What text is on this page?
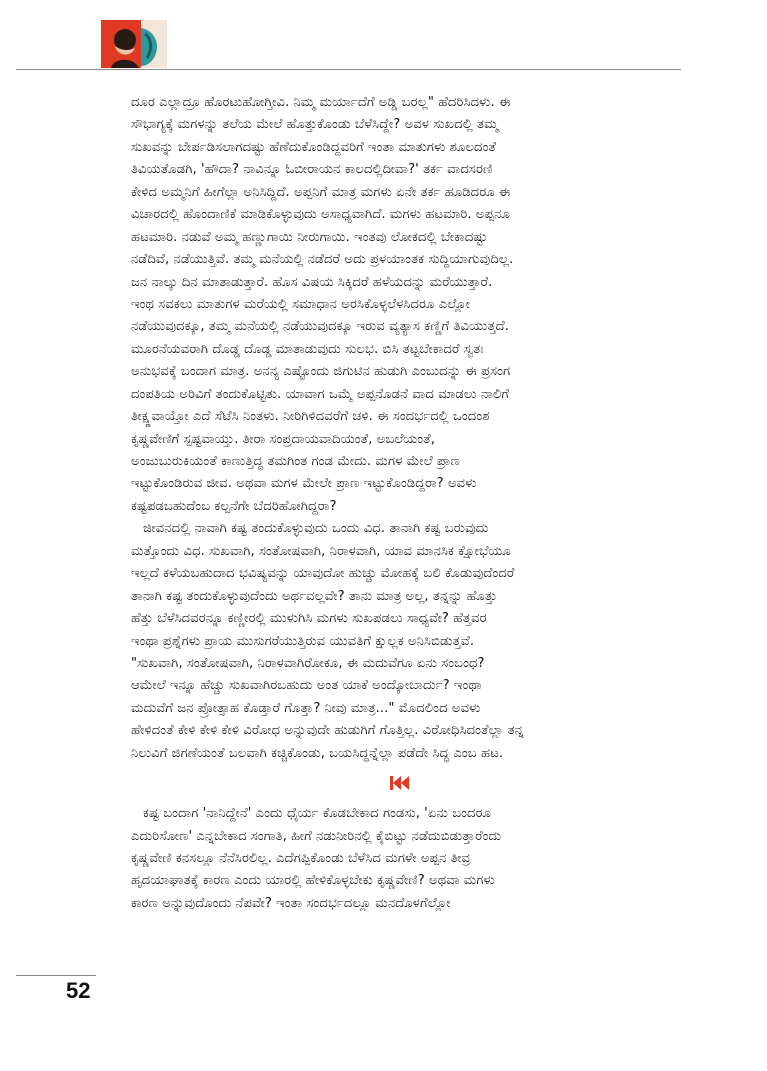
ದೂರ ಎಲ್ಲಾದ್ರೂ ಹೊರಟುಹೋಗ್ತೀವಿ. ನಿಮ್ಮ ಮರ್ಯಾದೆಗೆ ಅಡ್ಡಿ ಬರಲ್ಲ" ಹೆದರಿಸಿದಳು. ಈ
ಸೌಭಾಗ್ಯಕ್ಕೆ ಮಗಳನ್ನು ತಲೆಯ ಮೇಲೆ ಹೊತ್ತುಕೊಂಡು ಬೆಳೆಸಿದ್ದೇ? ಅವಳ ಸುಖದಲ್ಲಿ ತಮ್ಮ
ಸುಖವನ್ನು ಬೇರ್ಪಡಿಸಲಾಗದಷ್ಟು ಹೆಣೆದುಕೊಂಡಿದ್ದವರಿಗೆ ಇಂತಾ ಮಾತುಗಳು ಶೂಲದಂತೆ
ತಿವಿಯತೊಡಗಿ, 'ಹೌದಾ? ನಾವಿನ್ನೂ ಓಬೀರಾಯನ ಕಾಲದಲ್ಲಿದೀವಾ?' ತರ್ಕ ವಾದಸರಣಿ
ಕೇಳಿದ ಅಮ್ಮನಿಗೆ ಹೀಗೆಲ್ಲಾ ಅನಿಸಿದ್ದಿದೆ. ಅಪ್ಪನಿಗೆ ಮಾತ್ರ ಮಗಳು ಏನೇ ತರ್ಕ ಹೂಡಿದರೂ ಈ
ವಿಚಾರದಲ್ಲಿ ಹೊಂದಾಣಿಕೆ ಮಾಡಿಕೊಳ್ಳುವುದು ಅಸಾಧ್ಯವಾಗಿದೆ. ಮಗಳು ಹಟಮಾರಿ. ಅಪ್ಪನೂ
ಹಟಮಾರಿ. ನಡುವೆ ಅಮ್ಮ ಹಣ್ಣುಗಾಯಿ ನೀರುಗಾಯಿ. ಇಂತವು ಲೋಕದಲ್ಲಿ ಬೇಕಾದಷ್ಟು
ನಡೆದಿವೆ, ನಡೆಯುತ್ತಿವೆ. ತಮ್ಮ ಮನೆಯಲ್ಲಿ ನಡೆದರೆ ಅದು ಪ್ರಳಯಾಂತಕ ಸುದ್ದಿಯಾಗುವುದಿಲ್ಲ.
ಜನ ನಾಲ್ಕು ದಿನ ಮಾತಾಡುತ್ತಾರೆ. ಹೊಸ ವಿಷಯ ಸಿಕ್ಕಿದರೆ ಹಳೆಯದನ್ನು ಮರೆಯುತ್ತಾರೆ.
ಇಂಥ ಸವಕಲು ಮಾತುಗಳ ಮರೆಯಲ್ಲಿ ಸಮಾಧಾನ ಅರಸಿಕೊಳ್ಳಲೆಳಸಿದರೂ ಎಲ್ಲೋ
ನಡೆಯುವುದಕ್ಕೂ, ತಮ್ಮ ಮನೆಯಲ್ಲಿ ನಡೆಯುವುದಕ್ಕೂ ಇರುವ ವ್ಯತ್ಯಾಸ ಕಣ್ಣಿಗೆ ತಿವಿಯುತ್ತದೆ.
ಮೂರನೆಯವರಾಗಿ ದೊಡ್ಡ ದೊಡ್ಡ ಮಾತಾಡುವುದು ಸುಲಭ. ಬಿಸಿ ತಟ್ಟಬೇಕಾದರೆ ಸ್ವತಃ
ಅನುಭವಕ್ಕೆ ಬಂದಾಗ ಮಾತ್ರ. ಅನನ್ಯ ಎಷ್ಟೊಂದು ಜಿಗುಟಿನ ಹುಡುಗಿ ಎಂಬುದನ್ನು ಈ ಪ್ರಸಂಗ
ದಂಪತಿಯ ಅರಿವಿಗೆ ತಂದುಕೊಟ್ಟಿತು. ಯಾವಾಗ ಒಮ್ಮೆ ಅಪ್ಪನೊಡನೆ ವಾದ ಮಾಡಲು ನಾಲಿಗೆ
ತೀಕ್ಷ್ಣವಾಯ್ತೋ ಎದೆ ಸೆಟೆಸಿ ನಿಂತಳು. ನೀರಿಗಿಳಿದವರೆಗೆ ಚಳಿ. ಈ ಸಂದರ್ಭದಲ್ಲಿ ಒಂದಂಶ
ಕೃಷ್ಣವೇಣಿಗೆ ಸ್ಪಷ್ಟವಾಯ್ತು. ತೀರಾ ಸಂಪ್ರದಾಯವಾದಿಯಂತೆ, ಅಬಲೆಯಂತೆ,
ಅಂಜುಬುರುಕಿಯಂತೆ ಕಾಣುತ್ತಿದ್ದ ತಮಗಿಂತ ಗಂಡ ಮೇದು. ಮಗಳ ಮೇಲೆ ಪ್ರಾಣ
ಇಟ್ಟುಕೊಂಡಿರುವ ಜೀವ. ಅಥವಾ ಮಗಳ ಮೇಲೇ ಪ್ರಾಣ ಇಟ್ಟುಕೊಂಡಿದ್ದರಾ? ಅವಳು
ಕಷ್ಟಪಡಬಹುದೆಂಬ ಕಲ್ಪನೆಗೇ ಬೆದರಿಹೋಗಿದ್ದರಾ?
ಜೀವನದಲ್ಲಿ ನಾವಾಗಿ ಕಷ್ಟ ತಂದುಕೊಳ್ಳುವುದು ಒಂದು ವಿಧ. ತಾನಾಗಿ ಕಷ್ಟ ಬರುವುದು
ಮತ್ತೊಂದು ವಿಧ. ಸುಖವಾಗಿ, ಸಂತೋಷವಾಗಿ, ನಿರಾಳವಾಗಿ, ಯಾವ ಮಾನಸಿಕ ಕ್ಷೋಭೆಯೂ
ಇಲ್ಲದೆ ಕಳೆಯಬಹುದಾದ ಭವಿಷ್ಯವನ್ನು ಯಾವುದೋ ಹುಚ್ಚು ಮೋಹಕ್ಕೆ ಬಲಿ ಕೊಡುವುದೆಂದರೆ
ತಾನಾಗಿ ಕಷ್ಟ ತಂದುಕೊಳ್ಳುವುದೆಂದು ಅರ್ಥವಲ್ಲವೇ? ತಾನು ಮಾತ್ರ ಅಲ್ಲ, ತನ್ನನ್ನು ಹೊತ್ತು
ಹೆತ್ತು ಬೆಳೆಸಿದವರನ್ನೂ ಕಣ್ಣೀರಲ್ಲಿ ಮುಳುಗಿಸಿ ಮಗಳು ಸುಖಪಡಲು ಸಾಧ್ಯವೇ? ಹೆತ್ತವರ
ಇಂಥಾ ಪ್ರಶ್ನೆಗಳು ಪ್ರಾಯ ಮುಸುಗರೆಯುತ್ತಿರುವ ಯುವತಿಗೆ ಕ್ಷುಲ್ಲಕ ಅನಿಸಿಬಿಡುತ್ತವೆ.
"ಸುಖವಾಗಿ, ಸಂತೋಷವಾಗಿ, ನಿರಾಳವಾಗಿರೋಕೂ, ಈ ಮದುವೆಗೂ ಏನು ಸಂಬಂಧ?
ಆಮೇಲೆ ಇನ್ನೂ ಹೆಚ್ಚು ಸುಖವಾಗಿರಬಹುದು ಅಂತ ಯಾಕೆ ಅಂದ್ಕೋಬಾರ್ದು? ಇಂಥಾ
ಮದುವೆಗೆ ಜನ ಪ್ರೋತ್ಸಾಹ ಕೊಡ್ತಾರೆ ಗೊತ್ತಾ? ನೀವು ಮಾತ್ರ..." ಮೊದಲಿಂದ ಅವಳು
ಹೇಳಿದಂತೆ ಕೇಳಿ ಕೇಳಿ ಕೇಳಿ ವಿರೋಧ ಅನ್ನುವುದೇ ಹುಡುಗಿಗೆ ಗೊತ್ತಿಲ್ಲ. ವಿರೋಧಿಸಿದಂತೆಲ್ಲಾ ತನ್ನ
ನಿಲುವಿಗೆ ಜಿಗಣೆಯಂತೆ ಬಲವಾಗಿ ಕಚ್ಚಿಕೊಂಡು, ಬಯಸಿದ್ದನ್ನೆಲ್ಲಾ ಪಡೆದೇ ಸಿದ್ಧ ಎಂಬ ಹಟ.
ಕಷ್ಟ ಬಂದಾಗ 'ನಾನಿದ್ದೇನೆ' ಎಂದು ಧೈರ್ಯ ಕೊಡಬೇಕಾದ ಗಂಡಸು, 'ಏನು ಬಂದರೂ
ಎದುರಿಸೋಣ' ಎನ್ನಬೇಕಾದ ಸಂಗಾತಿ, ಹೀಗೆ ನಡುನೀರಿನಲ್ಲಿ ಕೈಬಿಟ್ಟು ನಡೆದುಬಿಡುತ್ತಾರೆಂದು
ಕೃಷ್ಣವೇಣಿ ಕನಸಲ್ಲೂ ನೆನೆಸಿರಲಿಲ್ಲ. ಎದೆಗಪ್ಪಿಕೊಂಡು ಬೆಳೆಸಿದ ಮಗಳೇ ಅಪ್ಪನ ತೀವ್ರ
ಹೃದಯಾಘಾತಕ್ಕೆ ಕಾರಣ ಎಂದು ಯಾರಲ್ಲಿ ಹೇಳಿಕೊಳ್ಳಬೇಕು ಕೃಷ್ಣವೇಣಿ? ಅಥವಾ ಮಗಳು
ಕಾರಣ ಅನ್ನುವುದೊಂದು ನೆಪವೇ? ಇಂತಾ ಸಂದರ್ಭದಲ್ಲೂ ಮನದೊಳಗೆಲ್ಲೋ
52
